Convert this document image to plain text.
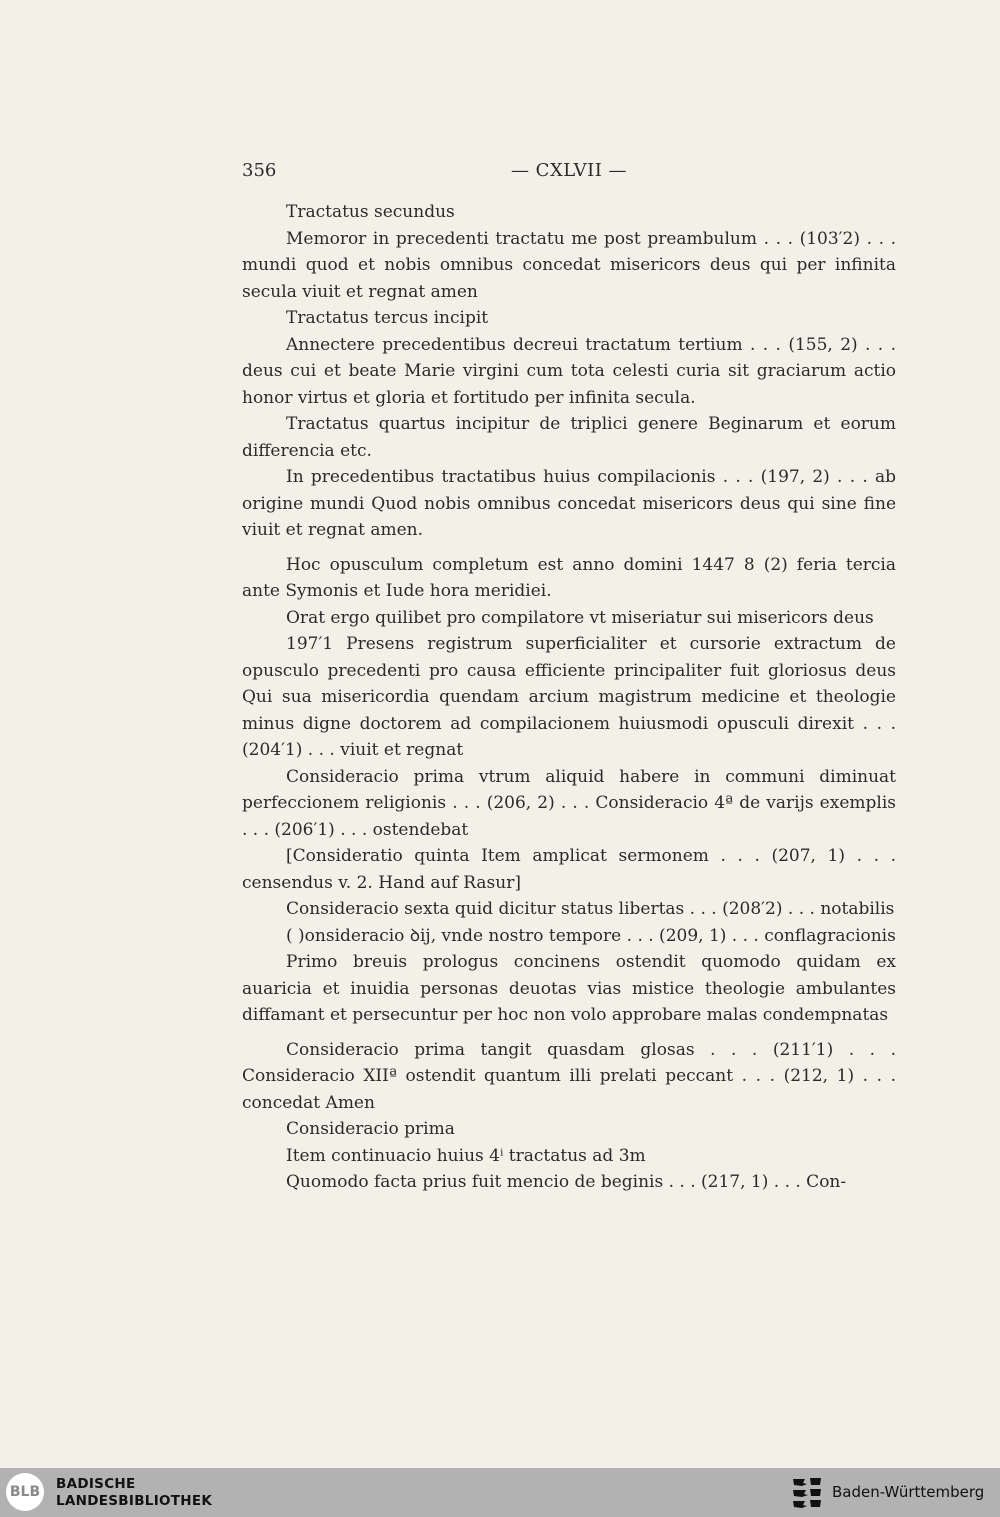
356	— CXLVII —

Tractatus secundus

Memoror in precedenti tractatu me post preambulum . . . (103′2) . . . mundi quod et nobis omnibus concedat misericors deus qui per infinita secula viuit et regnat amen

Tractatus tercus incipit

Annectere precedentibus decreui tractatum tertium . . . (155, 2) . . . deus cui et beate Marie virgini cum tota celesti curia sit graciarum actio honor virtus et gloria et fortitudo per infinita secula.

Tractatus quartus incipitur de triplici genere Beginarum et eorum differencia etc.

In precedentibus tractatibus huius compilacionis . . . (197, 2) . . . ab origine mundi Quod nobis omnibus concedat misericors deus qui sine fine viuit et regnat amen.

Hoc opusculum completum est anno domini 1447 8 (2) feria tercia ante Symonis et Iude hora meridiei.

Orat ergo quilibet pro compilatore vt miseriatur sui misericors deus

197′1 Presens registrum superficialiter et cursorie extractum de opusculo precedenti pro causa efficiente principaliter fuit gloriosus deus Qui sua misericordia quendam arcium magistrum medicine et theologie minus digne doctorem ad compilacionem huiusmodi opusculi direxit . . . (204′1) . . . viuit et regnat

Consideracio prima vtrum aliquid habere in communi diminuat perfeccionem religionis . . . (206, 2) . . . Consideracio 4ª de varijs exemplis . . . (206′1) . . . ostendebat

[Consideratio quinta Item amplicat sermonem . . . (207, 1) . . . censendus v. 2. Hand auf Rasur]

Consideracio sexta quid dicitur status libertas . . . (208′2) . . . notabilis

( )onsideracio ꝺij, vnde nostro tempore . . . (209, 1) . . . conflagracionis

Primo breuis prologus concinens ostendit quomodo quidam ex auaricia et inuidia personas deuotas vias mistice theologie ambulantes diffamant et persecuntur per hoc non volo approbare malas condempnatas

Consideracio prima tangit quasdam glosas . . . (211′1) . . . Consideracio XIIª ostendit quantum illi prelati peccant . . . (212, 1) . . . concedat Amen

Consideracio prima

Item continuacio huius 4ⁱ tractatus ad 3m

Quomodo facta prius fuit mencio de beginis . . . (217, 1) . . . Con-

BLB BADISCHE
LANDESBIBLIOTHEK	Baden-Württemberg
